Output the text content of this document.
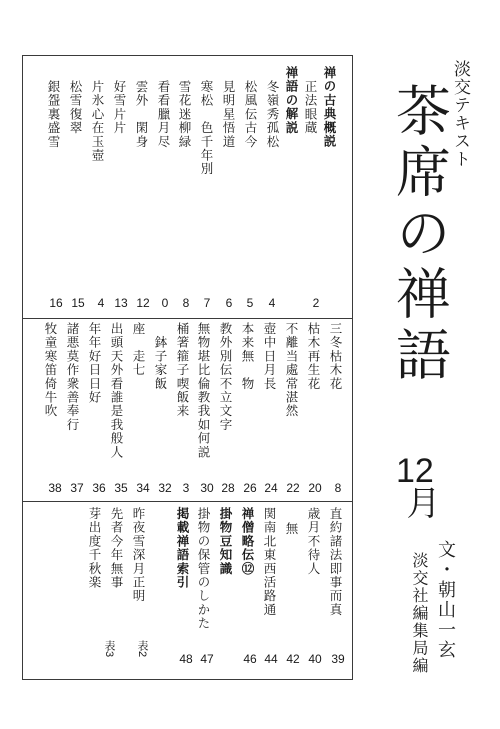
淡交テキスト
茶席の禅語
12
月
文・朝山一玄
淡交社編集局編
禅の古典概説
正法眼蔵
2
禅語の解説
冬嶺秀孤松
4
松風伝古今
5
見明星悟道
6
寒松　色千年別
7
雪花迷柳緑
8
看看臘月尽
0
雲外　閑身
12
好雪片片
13
片氷心在玉壺
4
松雪復翠
15
銀盌裏盛雪
16
三冬枯木花
8
枯木再生花
20
不離当處常湛然
22
壺中日月長
24
本来無　物
26
教外別伝不立文字
28
無物堪比倫教我如何説
30
桶箸箍子喫飯来
3
　鉢子家飯
32
座　走七
34
出頭天外看誰是我般人
35
年年好日日好
36
諸悪莫作衆善奉行
37
牧童寒笛倚牛吹
38
直約諸法即事而真
39
歳月不待人
40
無
42
関南北東西活路通
44
禅僧略伝⑫
46
掛物豆知識
掛物の保管のしかた
47
掲載禅語索引
48
昨夜雪深月正明
表2
先者今年無事
芽出度千秋楽
表3
